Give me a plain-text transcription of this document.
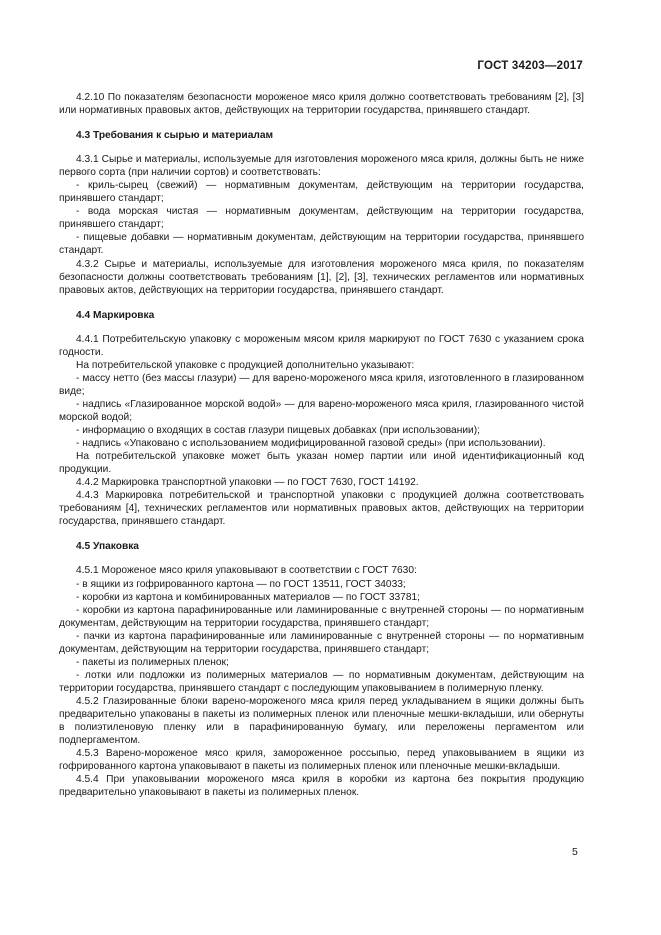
ГОСТ 34203—2017

4.2.10 По показателям безопасности мороженое мясо криля должно соответствовать требованиям [2], [3] или нормативных правовых актов, действующих на территории государства, принявшего стандарт.

4.3 Требования к сырью и материалам

4.3.1 Сырье и материалы, используемые для изготовления мороженого мяса криля, должны быть не ниже первого сорта (при наличии сортов) и соответствовать:

- криль-сырец (свежий) — нормативным документам, действующим на территории государства, принявшего стандарт;

- вода морская чистая — нормативным документам, действующим на территории государства, принявшего стандарт;

- пищевые добавки — нормативным документам, действующим на территории государства, принявшего стандарт.

4.3.2 Сырье и материалы, используемые для изготовления мороженого мяса криля, по показателям безопасности должны соответствовать требованиям [1], [2], [3], технических регламентов или нормативных правовых актов, действующих на территории государства, принявшего стандарт.

4.4 Маркировка

4.4.1 Потребительскую упаковку с мороженым мясом криля маркируют по ГОСТ 7630 с указанием срока годности.

На потребительской упаковке с продукцией дополнительно указывают:

- массу нетто (без массы глазури) — для варено-мороженого мяса криля, изготовленного в глазированном виде;

- надпись «Глазированное морской водой» — для варено-мороженого мяса криля, глазированного чистой морской водой;

- информацию о входящих в состав глазури пищевых добавках (при использовании);

- надпись «Упаковано с использованием модифицированной газовой среды» (при использовании).

На потребительской упаковке может быть указан номер партии или иной идентификационный код продукции.

4.4.2 Маркировка транспортной упаковки — по ГОСТ 7630, ГОСТ 14192.

4.4.3 Маркировка потребительской и транспортной упаковки с продукцией должна соответствовать требованиям [4], технических регламентов или нормативных правовых актов, действующих на территории государства, принявшего стандарт.

4.5 Упаковка

4.5.1 Мороженое мясо криля упаковывают в соответствии с ГОСТ 7630:

- в ящики из гофрированного картона — по ГОСТ 13511, ГОСТ 34033;

- коробки из картона и комбинированных материалов — по ГОСТ 33781;

- коробки из картона парафинированные или ламинированные с внутренней стороны — по нормативным документам, действующим на территории государства, принявшего стандарт;

- пачки из картона парафинированные или ламинированные с внутренней стороны — по нормативным документам, действующим на территории государства, принявшего стандарт;

- пакеты из полимерных пленок;

- лотки или подложки из полимерных материалов — по нормативным документам, действующим на территории государства, принявшего стандарт с последующим упаковыванием в полимерную пленку.

4.5.2 Глазированные блоки варено-мороженого мяса криля перед укладыванием в ящики должны быть предварительно упакованы в пакеты из полимерных пленок или пленочные мешки-вкладыши, или обернуты в полиэтиленовую пленку или в парафинированную бумагу, или переложены пергаментом или подпергаментом.

4.5.3 Варено-мороженое мясо криля, замороженное россыпью, перед упаковыванием в ящики из гофрированного картона упаковывают в пакеты из полимерных пленок или пленочные мешки-вкладыши.

4.5.4 При упаковывании мороженого мяса криля в коробки из картона без покрытия продукцию предварительно упаковывают в пакеты из полимерных пленок.

5
